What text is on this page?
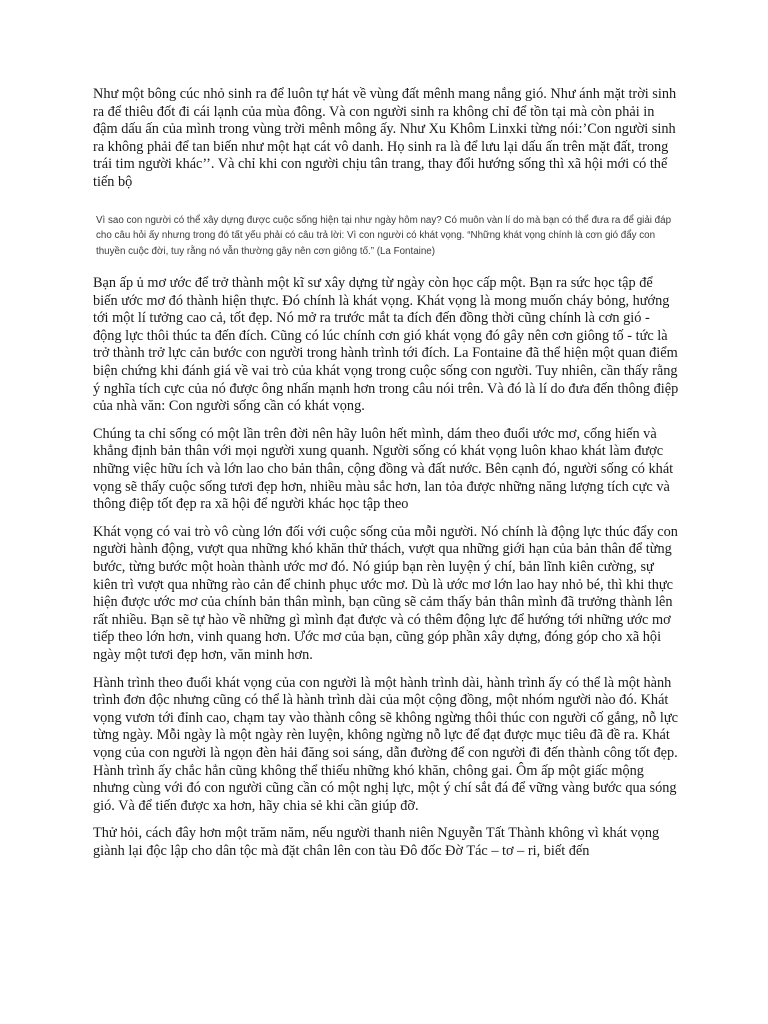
Như một bông cúc nhỏ sinh ra để luôn tự hát về vùng đất mênh mang nắng gió. Như ánh mặt trời sinh ra để thiêu đốt đi cái lạnh của mùa đông. Và con người sinh ra không chỉ để tồn tại mà còn phải in đậm dấu ấn của mình trong vùng trời mênh mông ấy. Như Xu Khôm Linxki từng nói:’Con người sinh ra không phải để tan biến như một hạt cát vô danh. Họ sinh ra là để lưu lại dấu ấn trên mặt đất, trong trái tim người khác’’. Và chỉ khi con người chịu tân trang, thay đổi hướng sống thì xã hội mới có thể tiến bộ

Vì sao con người có thể xây dựng được cuộc sống hiện tại như ngày hôm nay? Có muôn vàn lí do mà bạn có thể đưa ra để giải đáp cho câu hỏi ấy nhưng trong đó tất yếu phải có câu trả lời: Vì con người có khát vọng. “Những khát vọng chính là cơn gió đẩy con thuyền cuộc đời, tuy rằng nó vẫn thường gây nên cơn giông tố.” (La Fontaine)

Bạn ấp ủ mơ ước để trở thành một kĩ sư xây dựng từ ngày còn học cấp một. Bạn ra sức học tập để biến ước mơ đó thành hiện thực. Đó chính là khát vọng. Khát vọng là mong muốn cháy bỏng, hướng tới một lí tưởng cao cả, tốt đẹp. Nó mở ra trước mắt ta đích đến đồng thời cũng chính là cơn gió - động lực thôi thúc ta đến đích. Cũng có lúc chính cơn gió khát vọng đó gây nên cơn giông tố - tức là trở thành trở lực cản bước con người trong hành trình tới đích. La Fontaine đã thể hiện một quan điểm biện chứng khi đánh giá về vai trò của khát vọng trong cuộc sống con người. Tuy nhiên, cần thấy rằng ý nghĩa tích cực của nó được ông nhấn mạnh hơn trong câu nói trên. Và đó là lí do đưa đến thông điệp của nhà văn: Con người sống cần có khát vọng.

Chúng ta chỉ sống có một lần trên đời nên hãy luôn hết mình, dám theo đuổi ước mơ, cống hiến và khẳng định bản thân với mọi người xung quanh. Người sống có khát vọng luôn khao khát làm được những việc hữu ích và lớn lao cho bản thân, cộng đồng và đất nước. Bên cạnh đó, người sống có khát vọng sẽ thấy cuộc sống tươi đẹp hơn, nhiều màu sắc hơn, lan tỏa được những năng lượng tích cực và thông điệp tốt đẹp ra xã hội để người khác học tập theo

Khát vọng có vai trò vô cùng lớn đối với cuộc sống của mỗi người. Nó chính là động lực thúc đẩy con người hành động, vượt qua những khó khăn thử thách, vượt qua những giới hạn của bản thân để từng bước, từng bước một hoàn thành ước mơ đó. Nó giúp bạn rèn luyện ý chí, bản lĩnh kiên cường, sự kiên trì vượt qua những rào cản để chinh phục ước mơ. Dù là ước mơ lớn lao hay nhỏ bé, thì khi thực hiện được ước mơ của chính bản thân mình, bạn cũng sẽ cảm thấy bản thân mình đã trưởng thành lên rất nhiều. Bạn sẽ tự hào về những gì mình đạt được và có thêm động lực để hướng tới những ước mơ tiếp theo lớn hơn, vinh quang hơn. Ước mơ của bạn, cũng góp phần xây dựng, đóng góp cho xã hội ngày một tươi đẹp hơn, văn minh hơn.

Hành trình theo đuổi khát vọng của con người là một hành trình dài, hành trình ấy có thể là một hành trình đơn độc nhưng cũng có thể là hành trình dài của một cộng đồng, một nhóm người nào đó. Khát vọng vươn tới đỉnh cao, chạm tay vào thành công sẽ không ngừng thôi thúc con người cố gắng, nỗ lực từng ngày. Mỗi ngày là một ngày rèn luyện, không ngừng nỗ lực để đạt được mục tiêu đã đề ra. Khát vọng của con người là ngọn đèn hải đăng soi sáng, dẫn đường để con người đi đến thành công tốt đẹp. Hành trình ấy chắc hẳn cũng không thể thiếu những khó khăn, chông gai. Ôm ấp một giấc mộng nhưng cùng với đó con người cũng cần có một nghị lực, một ý chí sắt đá để vững vàng bước qua sóng gió. Và để tiến được xa hơn, hãy chia sẻ khi cần giúp đỡ.

Thử hỏi, cách đây hơn một trăm năm, nếu người thanh niên Nguyễn Tất Thành không vì khát vọng giành lại độc lập cho dân tộc mà đặt chân lên con tàu Đô đốc Đờ Tác – tơ – ri, biết đến
